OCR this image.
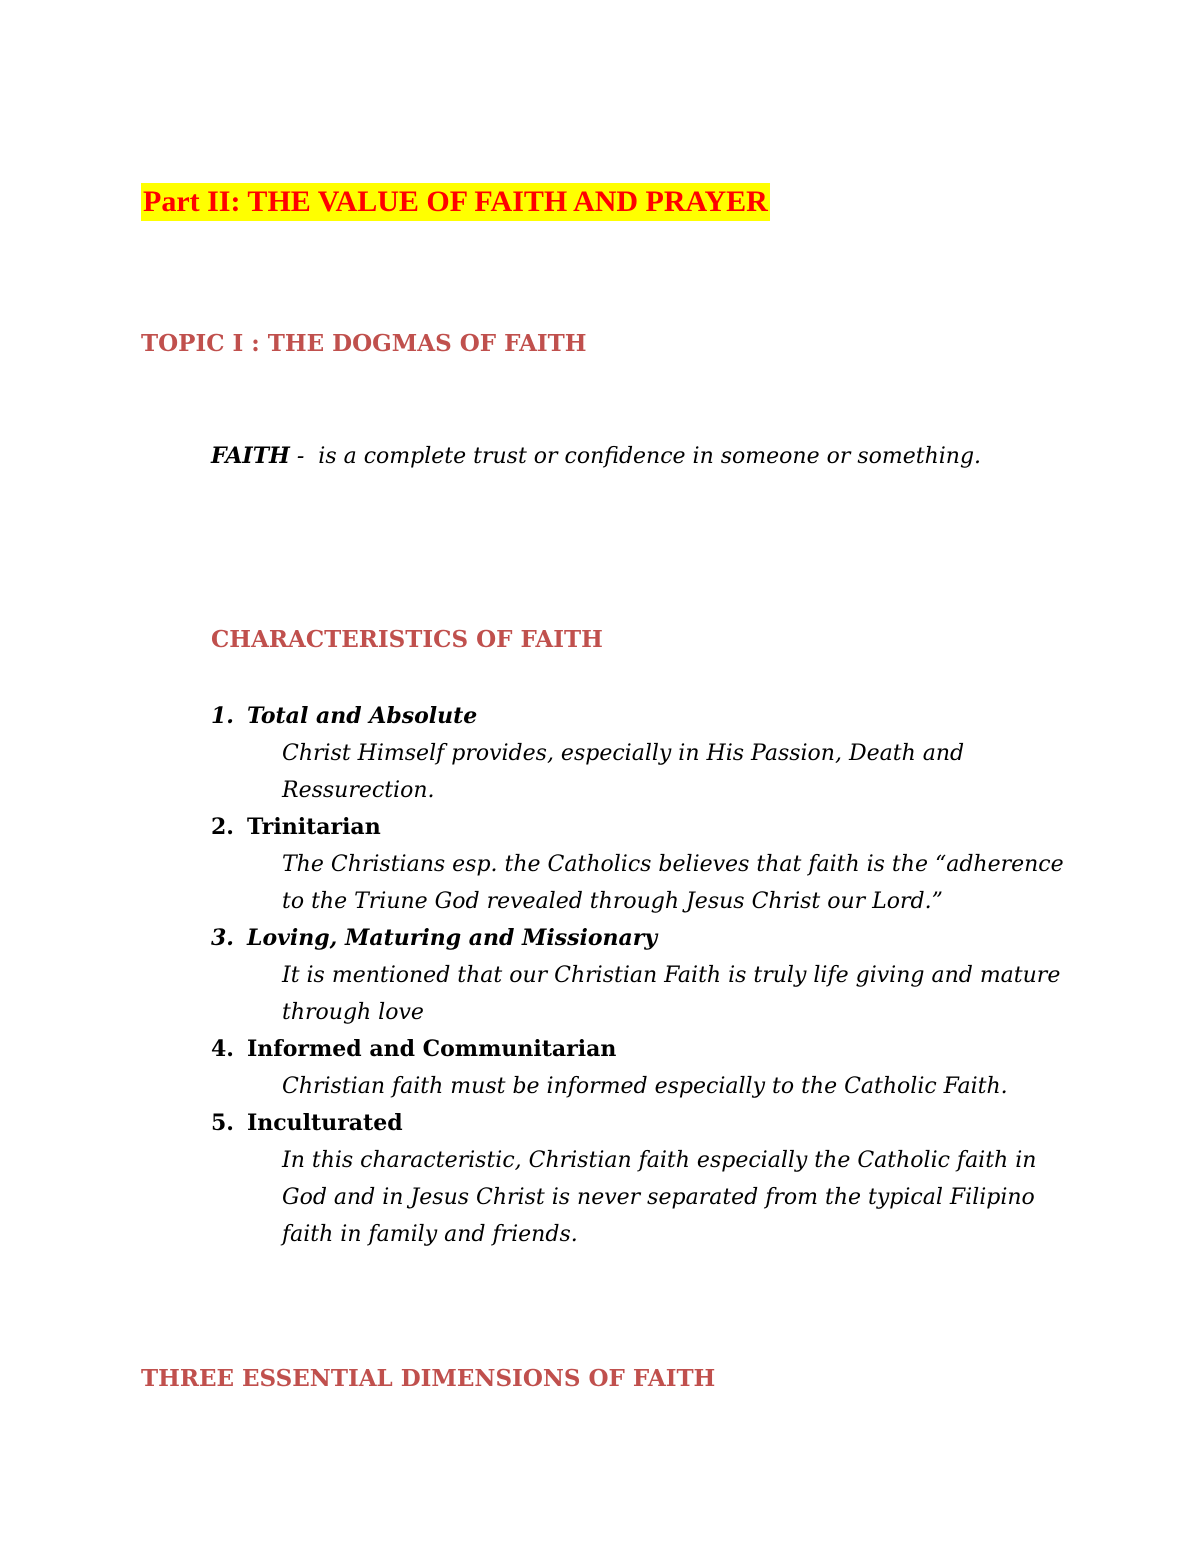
Part II: THE VALUE OF FAITH AND PRAYER
TOPIC I : THE DOGMAS OF FAITH
FAITH -  is a complete trust or confidence in someone or something.
CHARACTERISTICS OF FAITH
1. Total and Absolute
Christ Himself provides, especially in His Passion, Death and Ressurection.
2. Trinitarian
The Christians esp. the Catholics believes that faith is the “adherence to the Triune God revealed through Jesus Christ our Lord.”
3. Loving, Maturing and Missionary
It is mentioned that our Christian Faith is truly life giving and mature through love
4. Informed and Communitarian
Christian faith must be informed especially to the Catholic Faith.
5. Inculturated
In this characteristic, Christian faith especially the Catholic faith in God and in Jesus Christ is never separated from the typical Filipino faith in family and friends.
THREE ESSENTIAL DIMENSIONS OF FAITH
